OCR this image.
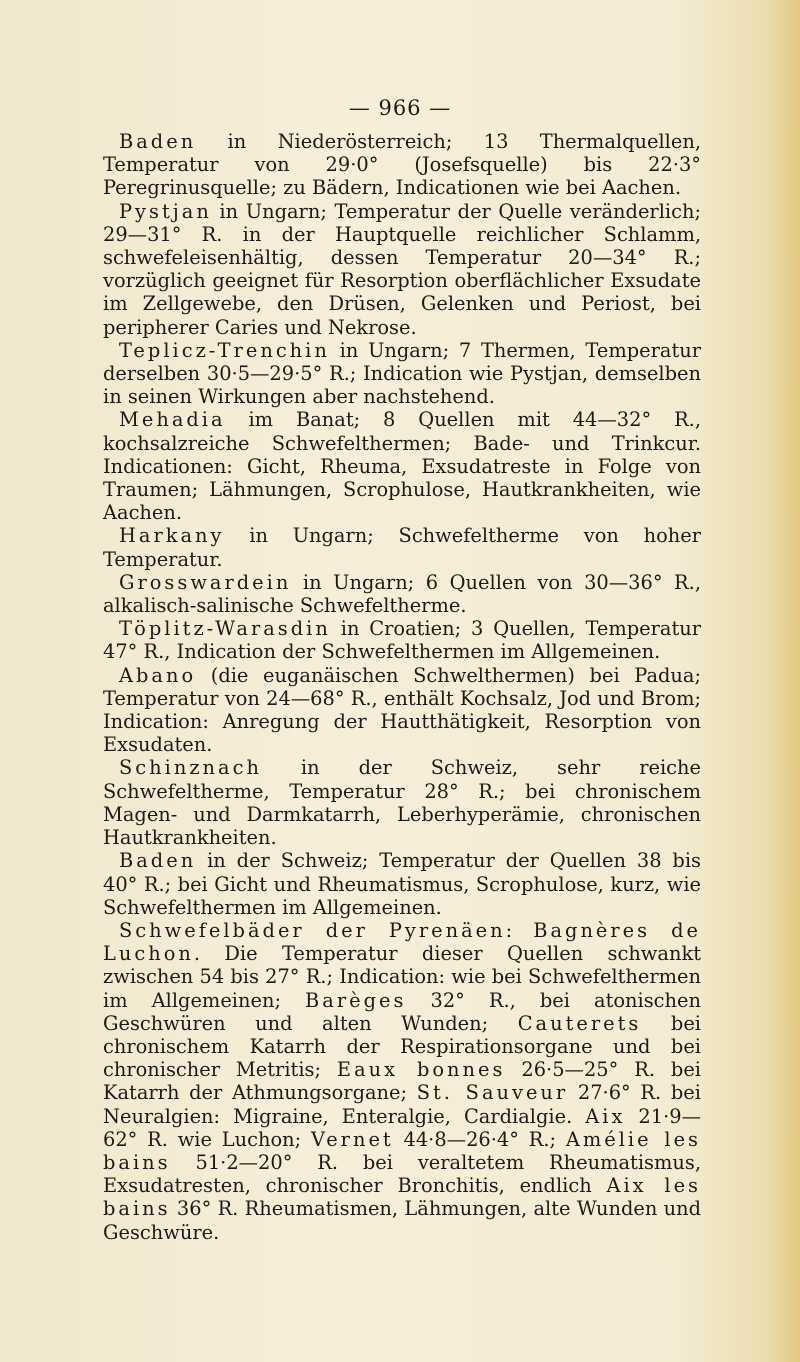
— 966 —

Baden in Niederösterreich; 13 Thermalquellen, Temperatur von 29·0° (Josefsquelle) bis 22·3° Peregrinusquelle; zu Bädern, Indicationen wie bei Aachen.

Pystjan in Ungarn; Temperatur der Quelle veränderlich; 29—31° R. in der Hauptquelle reichlicher Schlamm, schwefeleisenhältig, dessen Temperatur 20—34° R.; vorzüglich geeignet für Resorption oberflächlicher Exsudate im Zellgewebe, den Drüsen, Gelenken und Periost, bei peripherer Caries und Nekrose.

Teplicz-Trenchin in Ungarn; 7 Thermen, Temperatur derselben 30·5—29·5° R.; Indication wie Pystjan, demselben in seinen Wirkungen aber nachstehend.

Mehadia im Banat; 8 Quellen mit 44—32° R., kochsalzreiche Schwefelthermen; Bade- und Trinkcur. Indicationen: Gicht, Rheuma, Exsudatreste in Folge von Traumen; Lähmungen, Scrophulose, Hautkrankheiten, wie Aachen.

Harkany in Ungarn; Schwefeltherme von hoher Temperatur.

Grosswardein in Ungarn; 6 Quellen von 30—36° R., alkalisch-salinische Schwefeltherme.

Töplitz-Warasdin in Croatien; 3 Quellen, Temperatur 47° R., Indication der Schwefelthermen im Allgemeinen.

Abano (die euganäischen Schwelthermen) bei Padua; Temperatur von 24—68° R., enthält Kochsalz, Jod und Brom; Indication: Anregung der Hautthätigkeit, Resorption von Exsudaten.

Schinznach in der Schweiz, sehr reiche Schwefeltherme, Temperatur 28° R.; bei chronischem Magen- und Darmkatarrh, Leberhyperämie, chronischen Hautkrankheiten.

Baden in der Schweiz; Temperatur der Quellen 38 bis 40° R.; bei Gicht und Rheumatismus, Scrophulose, kurz, wie Schwefelthermen im Allgemeinen.

Schwefelbäder der Pyrenäen: Bagnères de Luchon. Die Temperatur dieser Quellen schwankt zwischen 54 bis 27° R.; Indication: wie bei Schwefelthermen im Allgemeinen; Barèges 32° R., bei atonischen Geschwüren und alten Wunden; Cauterets bei chronischem Katarrh der Respirationsorgane und bei chronischer Metritis; Eaux bonnes 26·5—25° R. bei Katarrh der Athmungsorgane; St. Sauveur 27·6° R. bei Neuralgien: Migraine, Enteralgie, Cardialgie. Aix 21·9—62° R. wie Luchon; Vernet 44·8—26·4° R.; Amélie les bains 51·2—20° R. bei veraltetem Rheumatismus, Exsudatresten, chronischer Bronchitis, endlich Aix les bains 36° R. Rheumatismen, Lähmungen, alte Wunden und Geschwüre.
